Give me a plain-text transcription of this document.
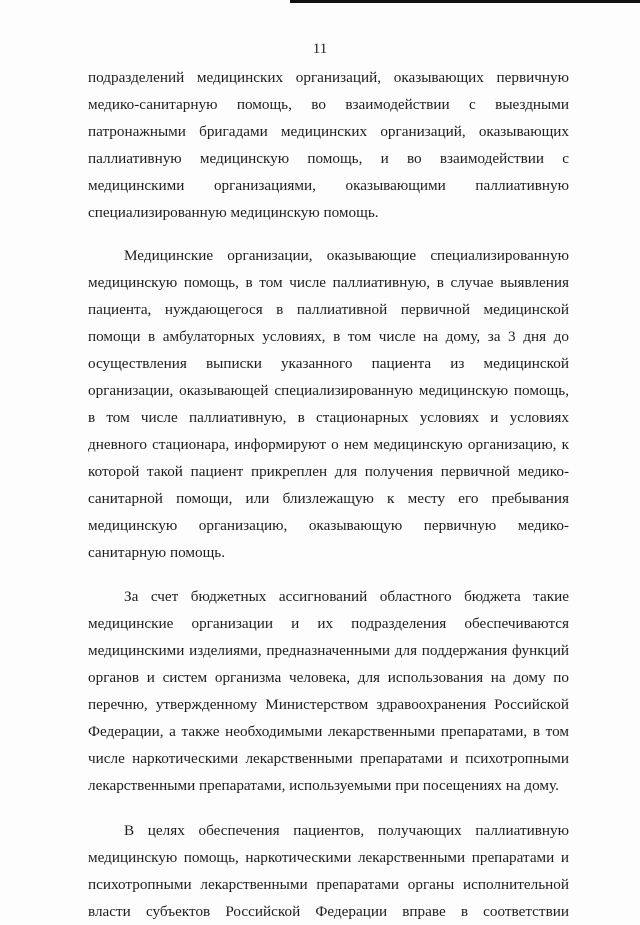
11

подразделений медицинских организаций, оказывающих первичную
медико-санитарную помощь, во взаимодействии с выездными
патронажными бригадами медицинских организаций, оказывающих
паллиативную медицинскую помощь, и во взаимодействии с
медицинскими организациями, оказывающими паллиативную
специализированную медицинскую помощь.

Медицинские организации, оказывающие специализированную
медицинскую помощь, в том числе паллиативную, в случае выявления
пациента, нуждающегося в паллиативной первичной медицинской
помощи в амбулаторных условиях, в том числе на дому, за 3 дня до
осуществления выписки указанного пациента из медицинской
организации, оказывающей специализированную медицинскую помощь,
в том числе паллиативную, в стационарных условиях и условиях
дневного стационара, информируют о нем медицинскую организацию, к
которой такой пациент прикреплен для получения первичной медико-
санитарной помощи, или близлежащую к месту его пребывания
медицинскую организацию, оказывающую первичную медико-
санитарную помощь.

За счет бюджетных ассигнований областного бюджета такие
медицинские организации и их подразделения обеспечиваются
медицинскими изделиями, предназначенными для поддержания функций
органов и систем организма человека, для использования на дому по
перечню, утвержденному Министерством здравоохранения Российской
Федерации, а также необходимыми лекарственными препаратами, в том
числе наркотическими лекарственными препаратами и психотропными
лекарственными препаратами, используемыми при посещениях на дому.

В целях обеспечения пациентов, получающих паллиативную
медицинскую помощь, наркотическими лекарственными препаратами и
психотропными лекарственными препаратами органы исполнительной
власти субъектов Российской Федерации вправе в соответствии
